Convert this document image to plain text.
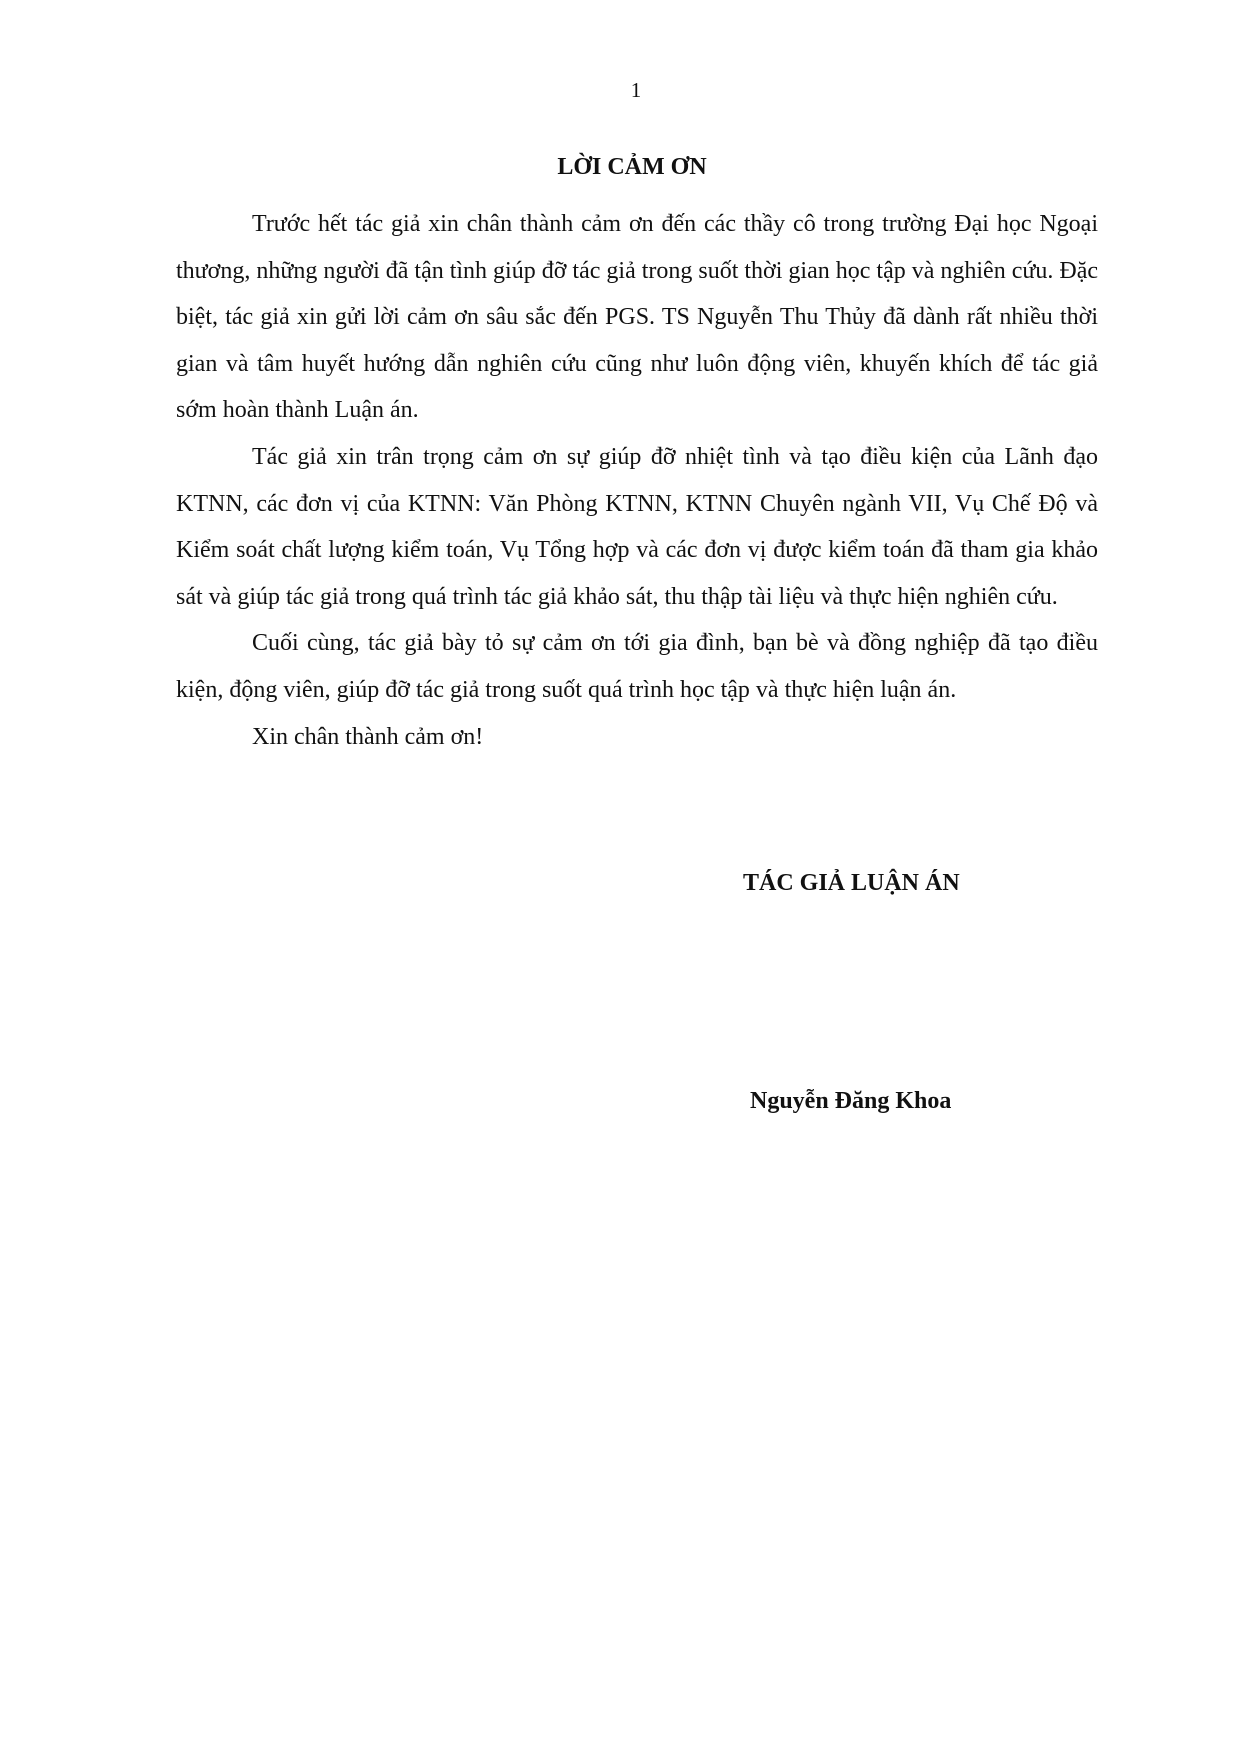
1
LỜI CẢM ƠN

Trước hết tác giả xin chân thành cảm ơn đến các thầy cô trong trường Đại học Ngoại thương, những người đã tận tình giúp đỡ tác giả trong suốt thời gian học tập và nghiên cứu. Đặc biệt, tác giả xin gửi lời cảm ơn sâu sắc đến PGS. TS Nguyễn Thu Thủy đã dành rất nhiều thời gian và tâm huyết hướng dẫn nghiên cứu cũng như luôn động viên, khuyến khích để tác giả sớm hoàn thành Luận án.

Tác giả xin trân trọng cảm ơn sự giúp đỡ nhiệt tình và tạo điều kiện của Lãnh đạo KTNN, các đơn vị của KTNN: Văn Phòng KTNN, KTNN Chuyên ngành VII, Vụ Chế Độ và Kiểm soát chất lượng kiểm toán, Vụ Tổng hợp và các đơn vị được kiểm toán đã tham gia khảo sát và giúp tác giả trong quá trình tác giả khảo sát, thu thập tài liệu và thực hiện nghiên cứu.

Cuối cùng, tác giả bày tỏ sự cảm ơn tới gia đình, bạn bè và đồng nghiệp đã tạo điều kiện, động viên, giúp đỡ tác giả trong suốt quá trình học tập và thực hiện luận án.

Xin chân thành cảm ơn!

TÁC GIẢ LUẬN ÁN
Nguyễn Đăng Khoa
